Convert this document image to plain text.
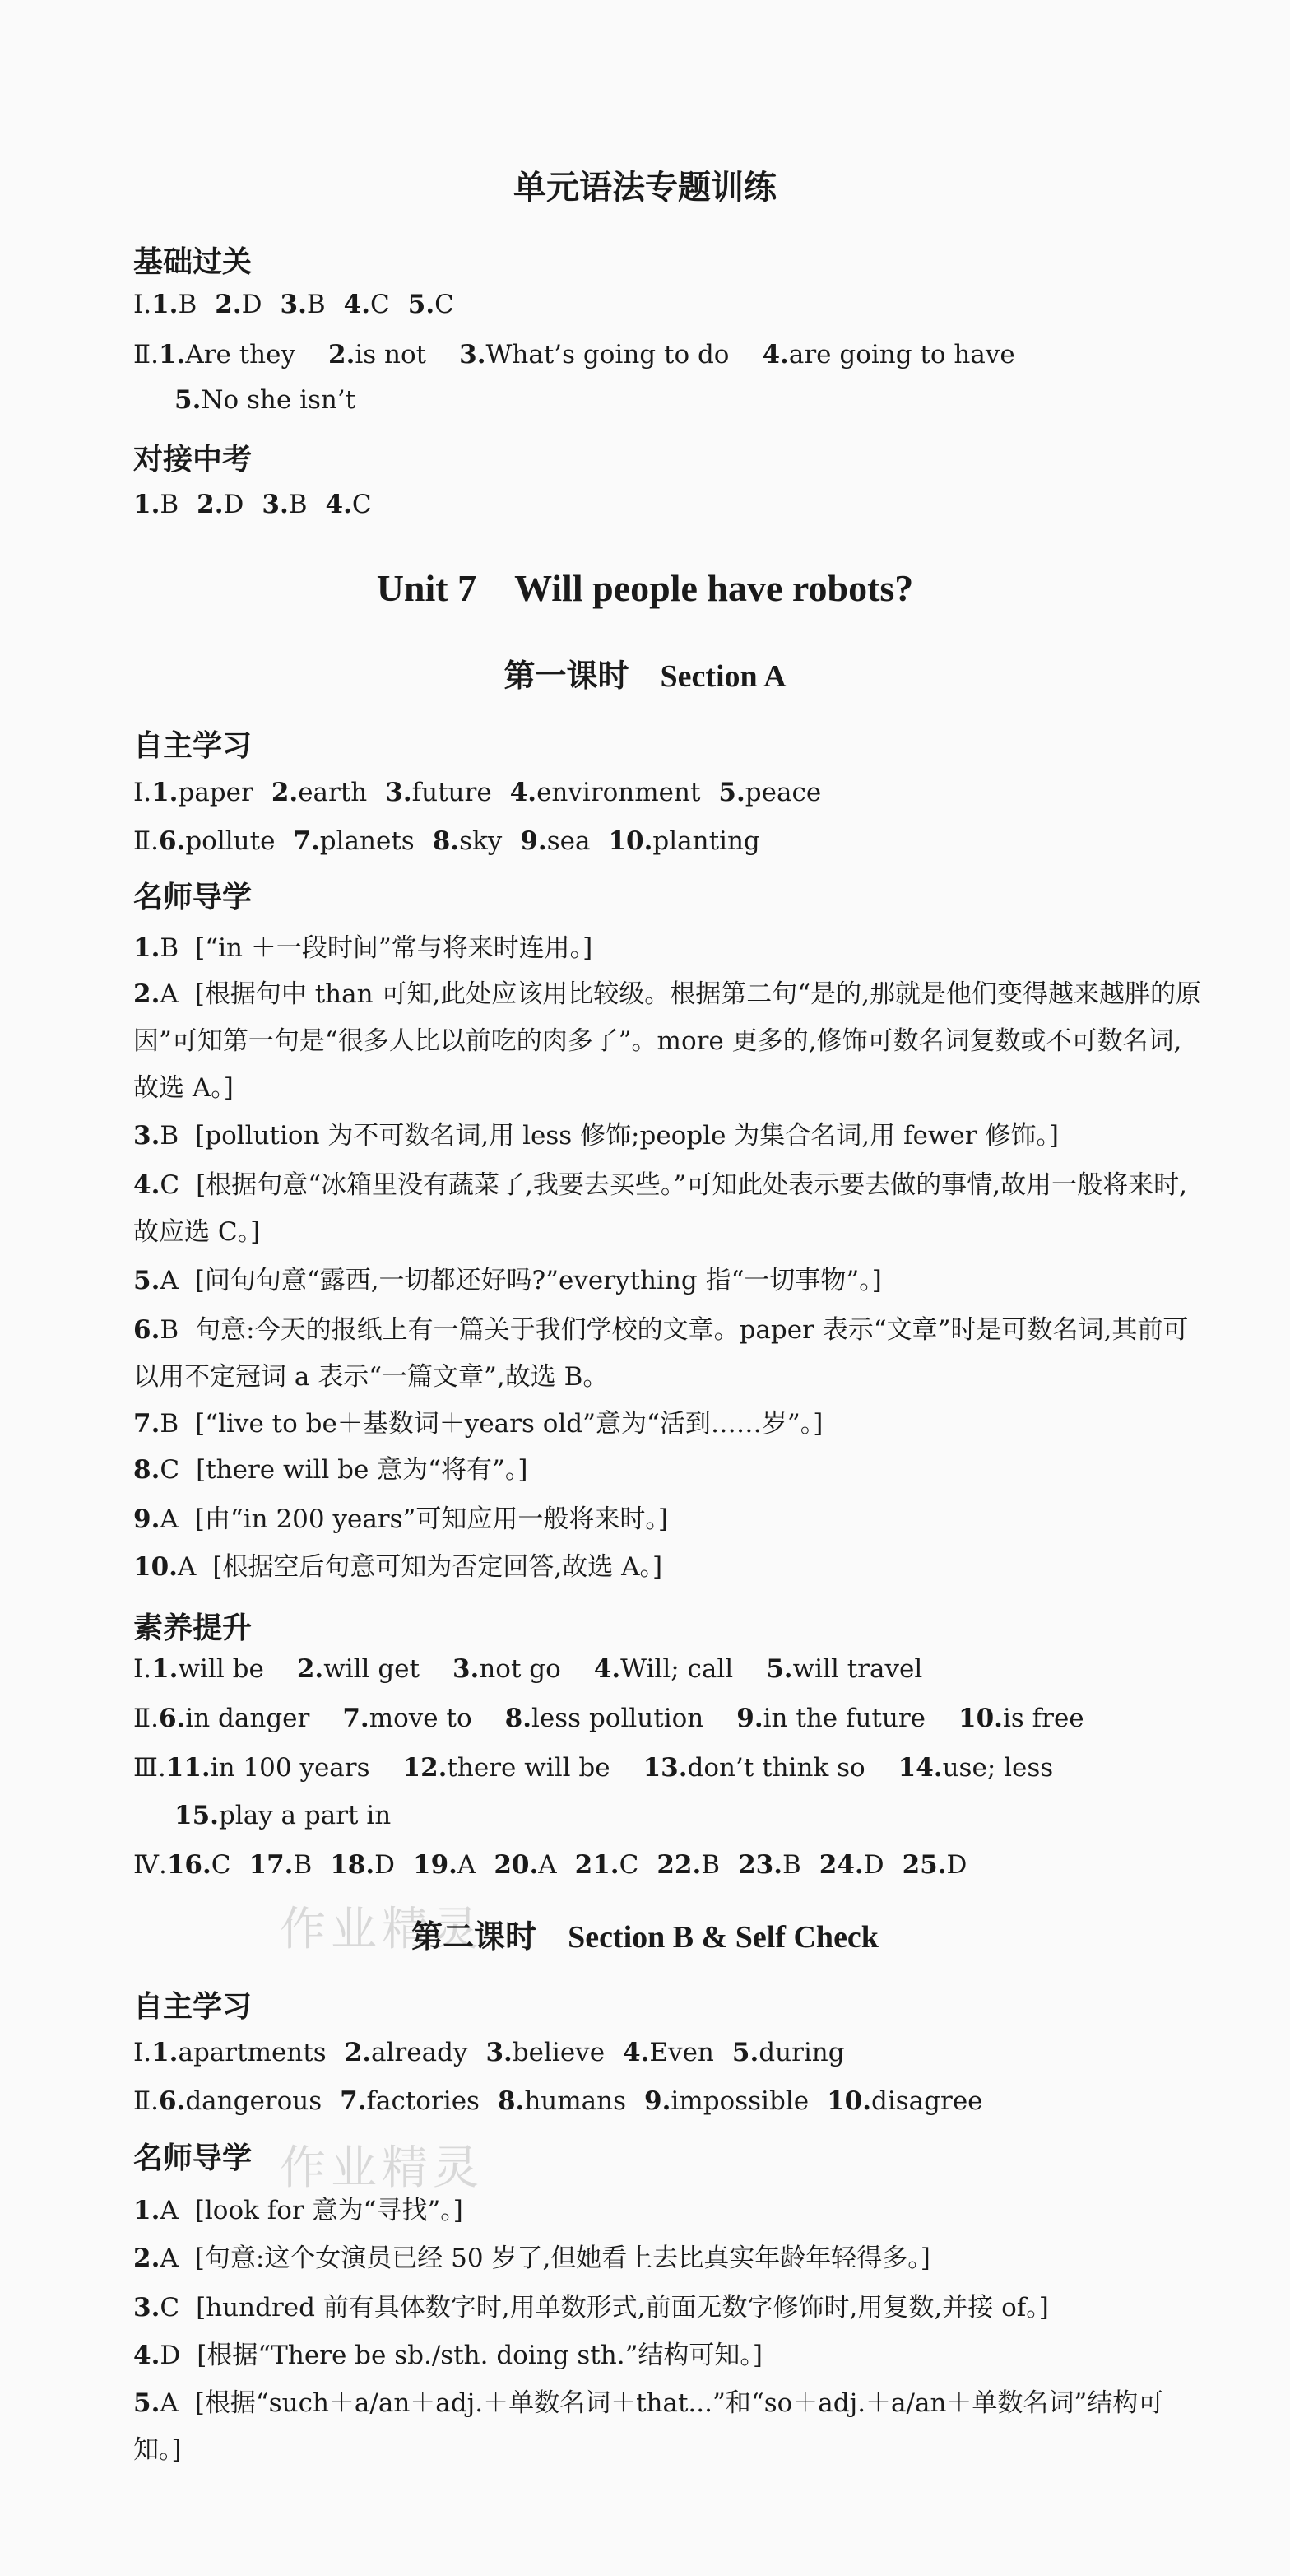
作业精灵
作业精灵
单元语法专题训练
基础过关
Ⅰ.1.B 2.D 3.B 4.C 5.C
Ⅱ.1.Are they 2.is not 3.What’s going to do 4.are going to have
5.No she isn’t
对接中考
1.B 2.D 3.B 4.C
Unit 7　Will people have robots?
第一课时　Section A
自主学习
Ⅰ.1.paper 2.earth 3.future 4.environment 5.peace
Ⅱ.6.pollute 7.planets 8.sky 9.sea 10.planting
名师导学
1.B [“in ＋一段时间”常与将来时连用。]
2.A [根据句中 than 可知,此处应该用比较级。根据第二句“是的,那就是他们变得越来越胖的原因”可知第一句是“很多人比以前吃的肉多了”。more 更多的,修饰可数名词复数或不可数名词,故选 A。]
3.B [pollution 为不可数名词,用 less 修饰;people 为集合名词,用 fewer 修饰。]
4.C [根据句意“冰箱里没有蔬菜了,我要去买些。”可知此处表示要去做的事情,故用一般将来时,故应选 C。]
5.A [问句句意“露西,一切都还好吗?”everything 指“一切事物”。]
6.B 句意:今天的报纸上有一篇关于我们学校的文章。paper 表示“文章”时是可数名词,其前可以用不定冠词 a 表示“一篇文章”,故选 B。
7.B [“live to be＋基数词＋years old”意为“活到……岁”。]
8.C [there will be 意为“将有”。]
9.A [由“in 200 years”可知应用一般将来时。]
10.A [根据空后句意可知为否定回答,故选 A。]
素养提升
Ⅰ.1.will be 2.will get 3.not go 4.Will; call 5.will travel
Ⅱ.6.in danger 7.move to 8.less pollution 9.in the future 10.is free
Ⅲ.11.in 100 years 12.there will be 13.don’t think so 14.use; less
15.play a part in
Ⅳ.16.C 17.B 18.D 19.A 20.A 21.C 22.B 23.B 24.D 25.D
第二课时　Section B & Self Check
自主学习
Ⅰ.1.apartments 2.already 3.believe 4.Even 5.during
Ⅱ.6.dangerous 7.factories 8.humans 9.impossible 10.disagree
名师导学
1.A [look for 意为“寻找”。]
2.A [句意:这个女演员已经 50 岁了,但她看上去比真实年龄年轻得多。]
3.C [hundred 前有具体数字时,用单数形式,前面无数字修饰时,用复数,并接 of。]
4.D [根据“There be sb./sth. doing sth.”结构可知。]
5.A [根据“such＋a/an＋adj.＋单数名词＋that...”和“so＋adj.＋a/an＋单数名词”结构可知。]
